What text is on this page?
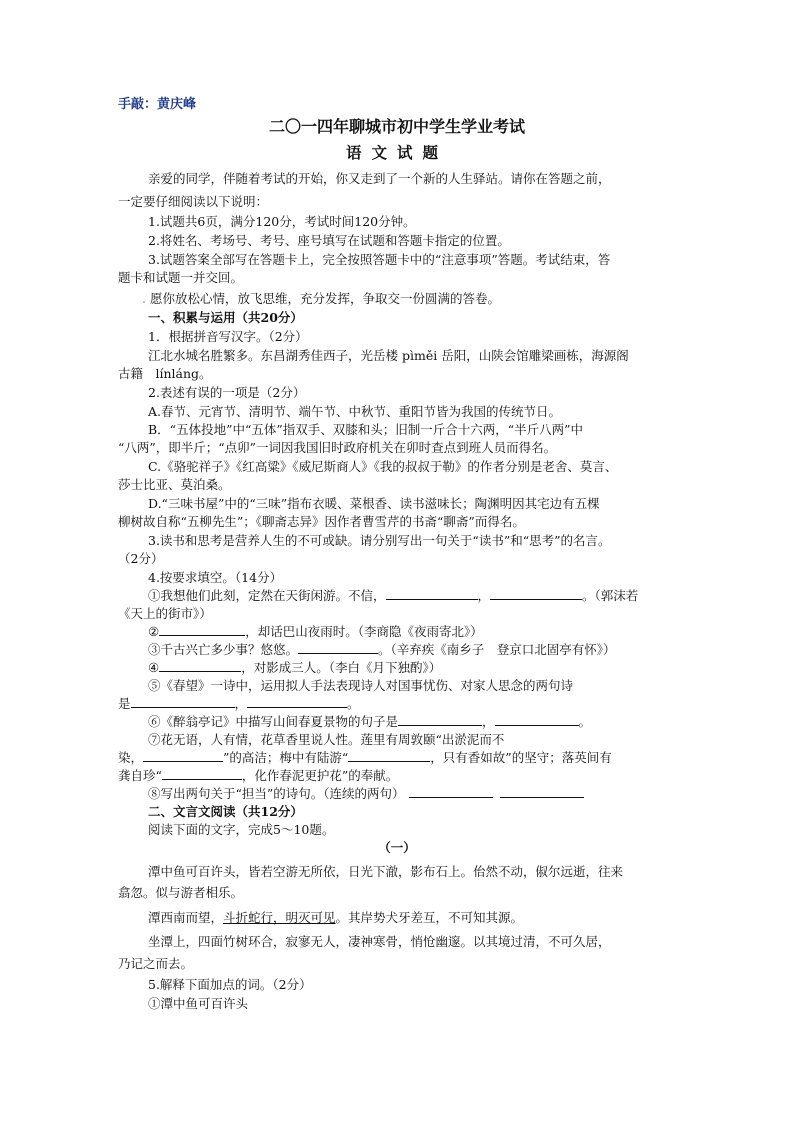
手敲：黄庆峰
二〇一四年聊城市初中学生学业考试
语文试题
亲爱的同学，伴随着考试的开始，你又走到了一个新的人生驿站。请你在答题之前，
一定要仔细阅读以下说明：
1.试题共6页，满分120分，考试时间120分钟。
2.将姓名、考场号、考号、座号填写在试题和答题卡指定的位置。
3.试题答案全部写在答题卡上，完全按照答题卡中的“注意事项”答题。考试结束，答
题卡和试题一并交回。
. 愿你放松心情，放飞思维，充分发挥，争取交一份圆满的答卷。
一、积累与运用（共20分）
1．根据拼音写汉字。（2分）
江北水城名胜繁多。东昌湖秀佳西子，光岳楼 pìměi 岳阳，山陕会馆雕梁画栋，海源阁
古籍　línláng。
2.表述有误的一项是（2分）
A.春节、元宵节、清明节、端午节、中秋节、重阳节皆为我国的传统节日。
B．“五体投地”中“五体”指双手、双膝和头；旧制一斤合十六两，“半斤八两”中
“八两”，即半斤；“点卯”一词因我国旧时政府机关在卯时查点到班人员而得名。
C.《骆驼祥子》《红高粱》《威尼斯商人》《我的叔叔于勒》的作者分别是老舍、莫言、
莎士比亚、莫泊桑。
D.“三味书屋”中的“三味”指布衣暖、菜根香、读书滋味长；陶渊明因其宅边有五棵
柳树故自称“五柳先生”；《聊斋志异》因作者曹雪芹的书斋“聊斋”而得名。
3.读书和思考是营养人生的不可或缺。请分别写出一句关于“读书”和“思考”的名言。
（2分）
4.按要求填空。（14分）
①我想他们此刻，定然在天街闲游。不信，	，	。（郭沫若
《天上的街市》）
②	，却话巴山夜雨时。（李商隐《夜雨寄北》）
③千古兴亡多少事？悠悠。	。（辛弃疾《南乡子　登京口北固亭有怀》）
④	，对影成三人。（李白《月下独酌》）
⑤《春望》一诗中，运用拟人手法表现诗人对国事忧伤、对家人思念的两句诗
是	，	。
⑥《醉翁亭记》中描写山间春夏景物的句子是	，	。
⑦花无语，人有情，花草香里说人性。莲里有周敦颐“出淤泥而不
染，	”的高洁；梅中有陆游“	，只有香如故”的坚守；落英间有
龚自珍“	，化作春泥更护花”的奉献。
⑧写出两句关于“担当”的诗句。（连续的两句）
二、文言文阅读（共12分）
阅读下面的文字，完成5～10题。
（一）
潭中鱼可百许头，皆若空游无所依，日光下澈，影布石上。佁然不动，俶尔远逝，往来
翕忽。似与游者相乐。
潭西南而望，斗折蛇行，明灭可见。其岸势犬牙差互，不可知其源。
坐潭上，四面竹树环合，寂寥无人，凄神寒骨，悄怆幽邃。以其境过清，不可久居，
乃记之而去。
5.解释下面加点的词。（2分）
①潭中鱼可百许头
